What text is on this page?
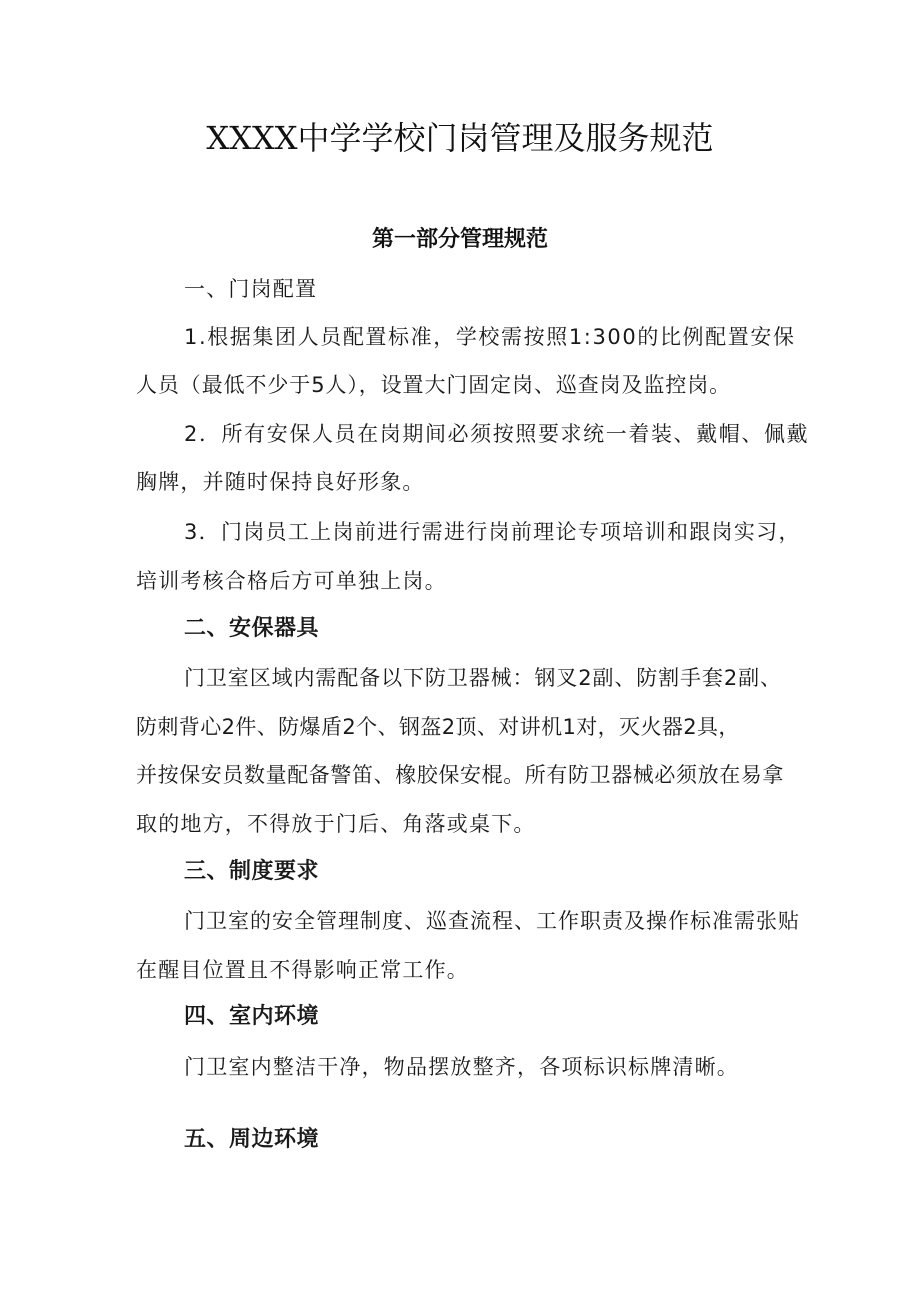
XXXX中学学校门岗管理及服务规范
第一部分管理规范
一、门岗配置
1.根据集团人员配置标准，学校需按照1:300的比例配置安保
人员（最低不少于5人），设置大门固定岗、巡查岗及监控岗。
2．所有安保人员在岗期间必须按照要求统一着装、戴帽、佩戴
胸牌，并随时保持良好形象。
3．门岗员工上岗前进行需进行岗前理论专项培训和跟岗实习，
培训考核合格后方可单独上岗。
二、安保器具
门卫室区域内需配备以下防卫器械：钢叉2副、防割手套2副、
防刺背心2件、防爆盾2个、钢盔2顶、对讲机1对，灭火器2具，
并按保安员数量配备警笛、橡胶保安棍。所有防卫器械必须放在易拿
取的地方，不得放于门后、角落或桌下。
三、制度要求
门卫室的安全管理制度、巡查流程、工作职责及操作标准需张贴
在醒目位置且不得影响正常工作。
四、室内环境
门卫室内整洁干净，物品摆放整齐，各项标识标牌清晰。
五、周边环境
